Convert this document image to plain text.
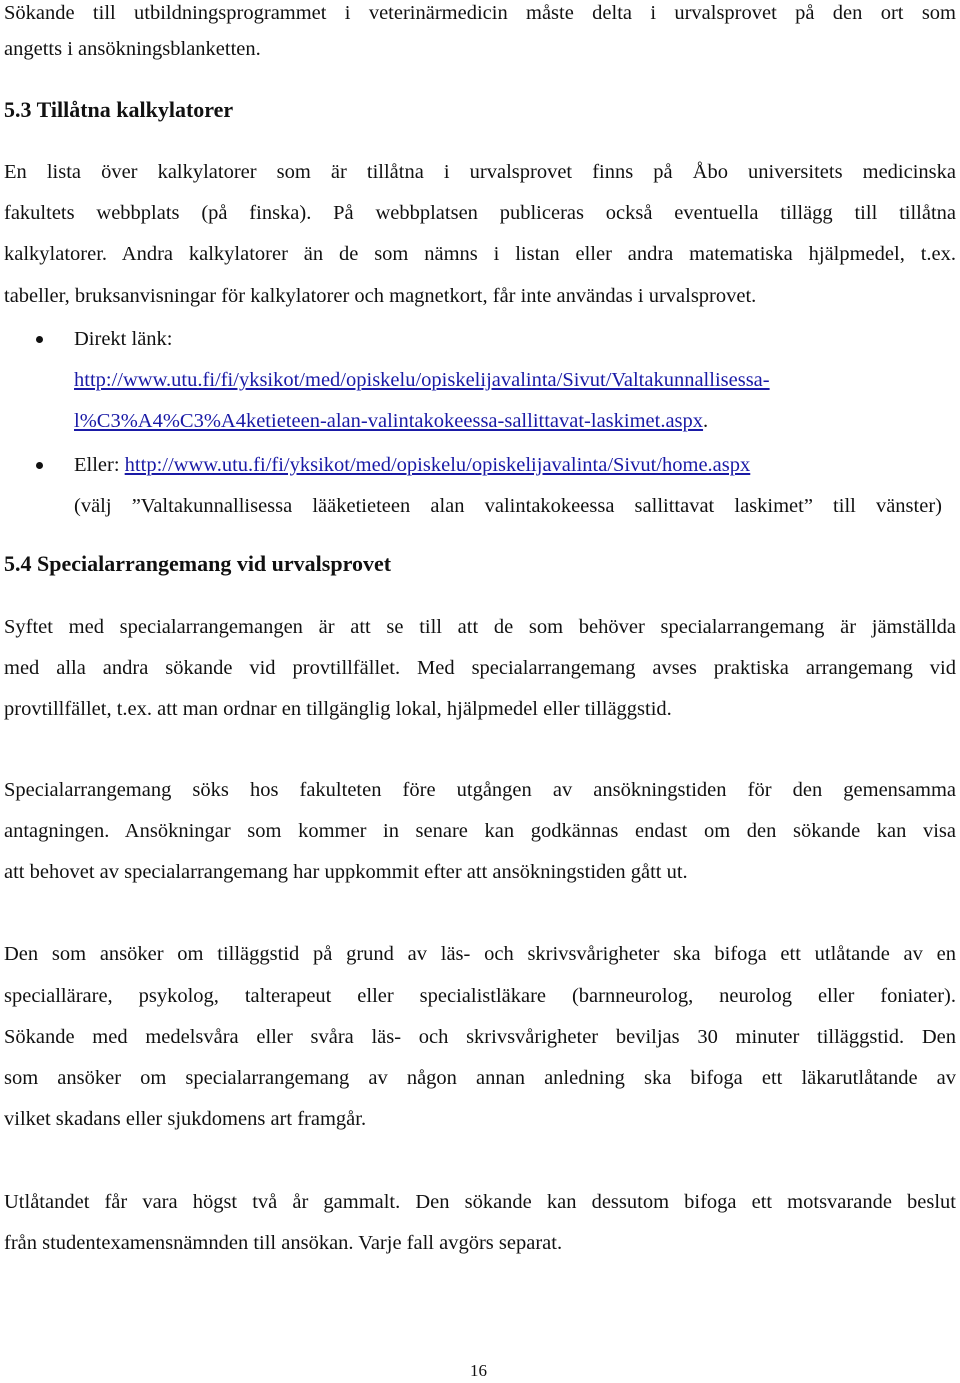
Sökande till utbildningsprogrammet i veterinärmedicin måste delta i urvalsprovet på den ort som
angetts i ansökningsblanketten.
5.3 Tillåtna kalkylatorer
En lista över kalkylatorer som är tillåtna i urvalsprovet finns på Åbo universitets medicinska
fakultets webbplats (på finska). På webbplatsen publiceras också eventuella tillägg till tillåtna
kalkylatorer. Andra kalkylatorer än de som nämns i listan eller andra matematiska hjälpmedel, t.ex.
tabeller, bruksanvisningar för kalkylatorer och magnetkort, får inte användas i urvalsprovet.
Direkt länk:
http://www.utu.fi/fi/yksikot/med/opiskelu/opiskelijavalinta/Sivut/Valtakunnallisessa-
l%C3%A4%C3%A4ketieteen-alan-valintakokeessa-sallittavat-laskimet.aspx.
Eller: http://www.utu.fi/fi/yksikot/med/opiskelu/opiskelijavalinta/Sivut/home.aspx
(välj ”Valtakunnallisessa lääketieteen alan valintakokeessa sallittavat laskimet” till vänster)
5.4 Specialarrangemang vid urvalsprovet
Syftet med specialarrangemangen är att se till att de som behöver specialarrangemang är jämställda
med alla andra sökande vid provtillfället. Med specialarrangemang avses praktiska arrangemang vid
provtillfället, t.ex. att man ordnar en tillgänglig lokal, hjälpmedel eller tilläggstid.
Specialarrangemang söks hos fakulteten före utgången av ansökningstiden för den gemensamma
antagningen. Ansökningar som kommer in senare kan godkännas endast om den sökande kan visa
att behovet av specialarrangemang har uppkommit efter att ansökningstiden gått ut.
Den som ansöker om tilläggstid på grund av läs- och skrivsvårigheter ska bifoga ett utlåtande av en
speciallärare, psykolog, talterapeut eller specialistläkare (barnneurolog, neurolog eller foniater).
Sökande med medelsvåra eller svåra läs- och skrivsvårigheter beviljas 30 minuter tilläggstid. Den
som ansöker om specialarrangemang av någon annan anledning ska bifoga ett läkarutlåtande av
vilket skadans eller sjukdomens art framgår.
Utlåtandet får vara högst två år gammalt. Den sökande kan dessutom bifoga ett motsvarande beslut
från studentexamensnämnden till ansökan. Varje fall avgörs separat.
16
